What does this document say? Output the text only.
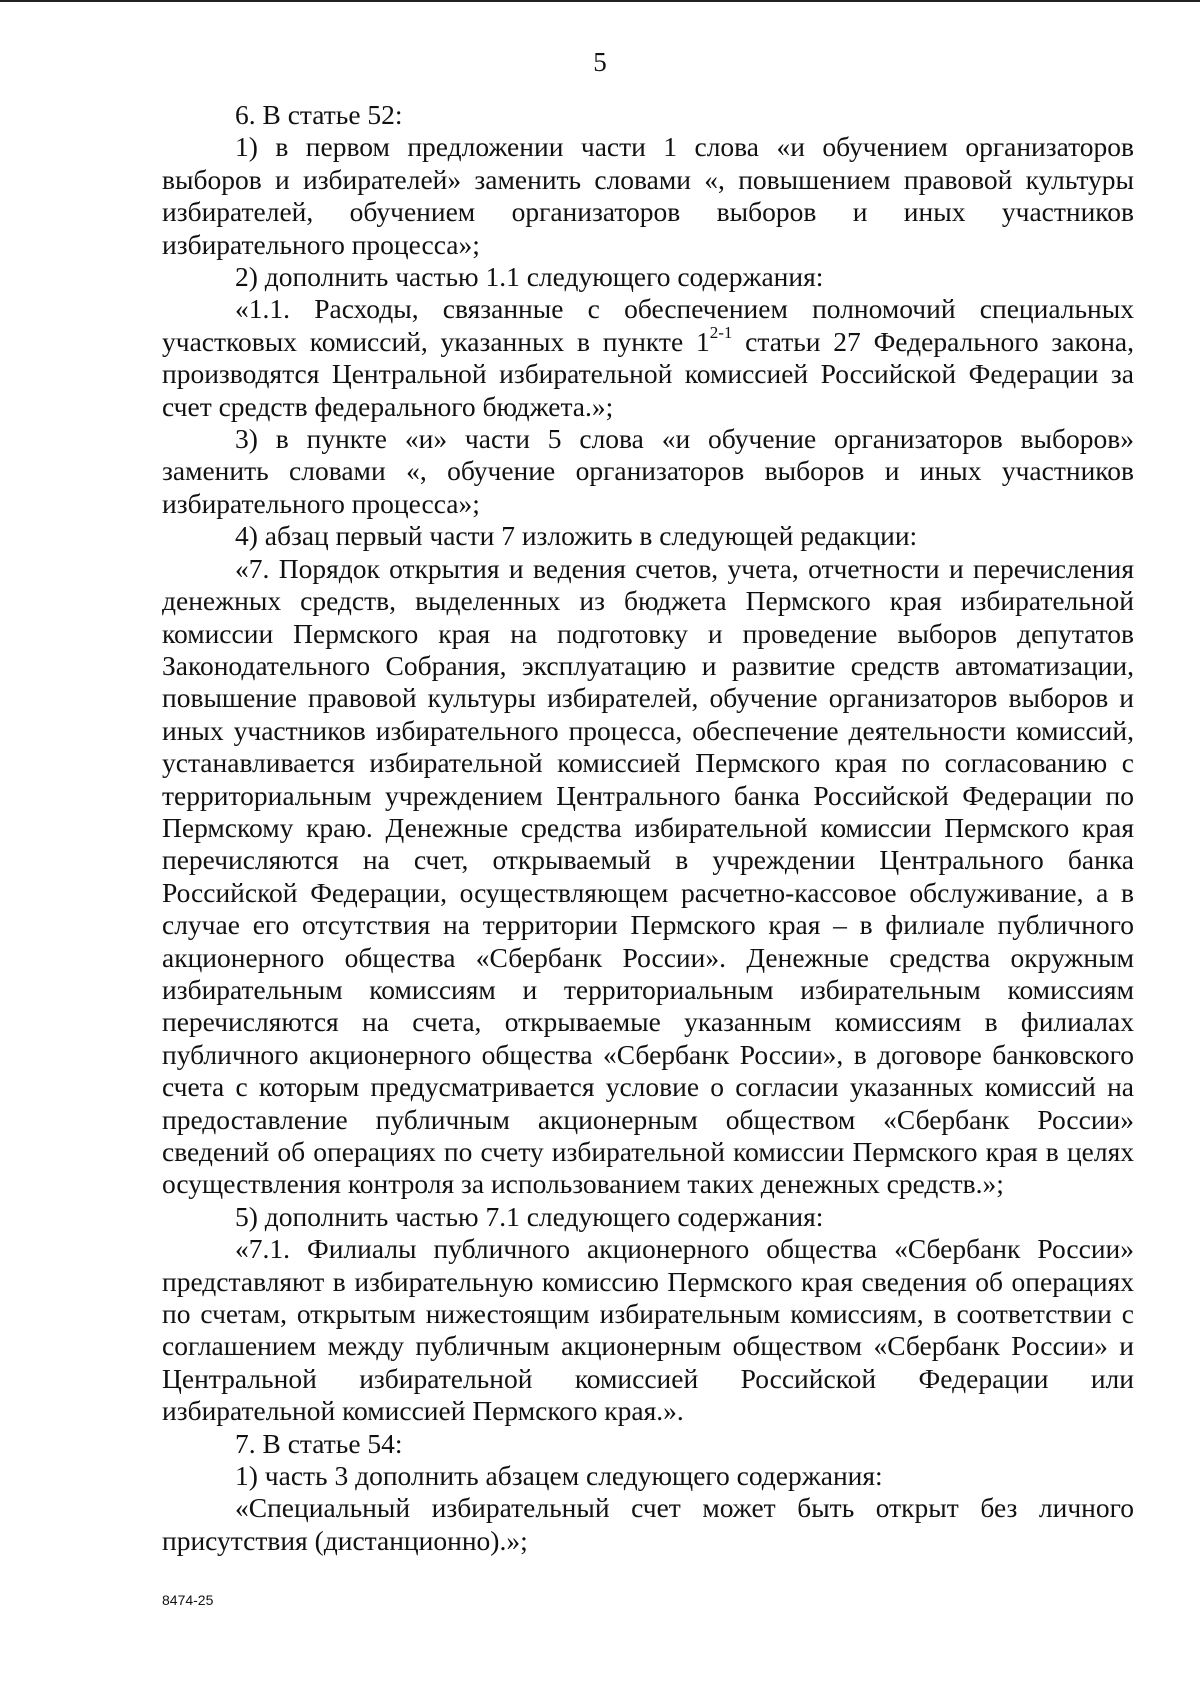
5

6. В статье 52:

1) в первом предложении части 1 слова «и обучением организаторов выборов и избирателей» заменить словами «, повышением правовой культуры избирателей, обучением организаторов выборов и иных участников избирательного процесса»;

2) дополнить частью 1.1 следующего содержания:

«1.1. Расходы, связанные с обеспечением полномочий специальных участковых комиссий, указанных в пункте 1$^{2-1}$ статьи 27 Федерального закона, производятся Центральной избирательной комиссией Российской Федерации за счет средств федерального бюджета.»;

3) в пункте «и» части 5 слова «и обучение организаторов выборов» заменить словами «, обучение организаторов выборов и иных участников избирательного процесса»;

4) абзац первый части 7 изложить в следующей редакции:

«7. Порядок открытия и ведения счетов, учета, отчетности и перечисления денежных средств, выделенных из бюджета Пермского края избирательной комиссии Пермского края на подготовку и проведение выборов депутатов Законодательного Собрания, эксплуатацию и развитие средств автоматизации, повышение правовой культуры избирателей, обучение организаторов выборов и иных участников избирательного процесса, обеспечение деятельности комиссий, устанавливается избирательной комиссией Пермского края по согласованию с территориальным учреждением Центрального банка Российской Федерации по Пермскому краю. Денежные средства избирательной комиссии Пермского края перечисляются на счет, открываемый в учреждении Центрального банка Российской Федерации, осуществляющем расчетно-кассовое обслуживание, а в случае его отсутствия на территории Пермского края – в филиале публичного акционерного общества «Сбербанк России». Денежные средства окружным избирательным комиссиям и территориальным избирательным комиссиям перечисляются на счета, открываемые указанным комиссиям в филиалах публичного акционерного общества «Сбербанк России», в договоре банковского счета с которым предусматривается условие о согласии указанных комиссий на предоставление публичным акционерным обществом «Сбербанк России» сведений об операциях по счету избирательной комиссии Пермского края в целях осуществления контроля за использованием таких денежных средств.»;

5) дополнить частью 7.1 следующего содержания:

«7.1. Филиалы публичного акционерного общества «Сбербанк России» представляют в избирательную комиссию Пермского края сведения об операциях по счетам, открытым нижестоящим избирательным комиссиям, в соответствии с соглашением между публичным акционерным обществом «Сбербанк России» и Центральной избирательной комиссией Российской Федерации или избирательной комиссией Пермского края.».

7. В статье 54:

1) часть 3 дополнить абзацем следующего содержания:

«Специальный избирательный счет может быть открыт без личного присутствия (дистанционно).»;

8474-25
